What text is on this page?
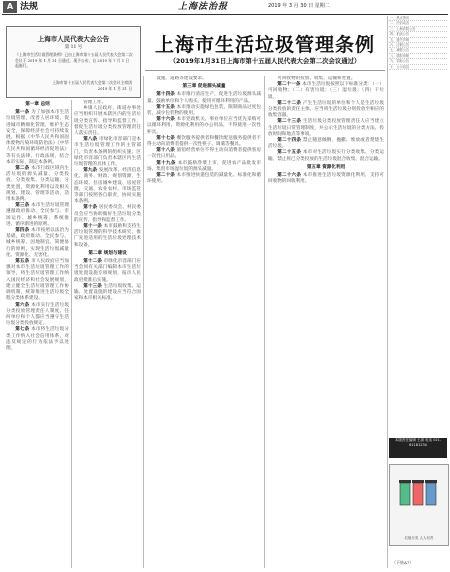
A 法规	上海法治报	2019 年 3 月 30 日 星期二
上海市人民代表大会公告
第 11 号
《上海市生活垃圾管理条例》已由上海市第十五届人民代表大会第二次会议于 2019 年 1 月 31 日通过，现予公布，自 2019 年 7 月 1 日起施行。
上海市第十五届人民代表大会第二次会议主席团
2019 年 1 月 31 日
上海市生活垃圾管理条例
（2019年1月31日上海市第十五届人民代表大会第二次会议通过）
第一章 总则
第一条 为了加强本市生活垃圾管理，改善人居环境，促进城市精细化管理，维护生态安全，保障经济社会可持续发展，根据《中华人民共和国固体废物污染环境防治法》《中华人民共和国循环经济促进法》等有关法律、行政法规，结合本市实际，制定本条例。
第二条 本市行政区域内生活垃圾的源头减量、分类投放、分类收集、分类运输、分类处置，资源化利用以及相关规划、建设、管理等活动，适用本条例。
第三条 本市生活垃圾管理遵循政府推动、全民参与、市场运作、城乡统筹、系统推进、循序渐进的原则。
第四条 本市按照以法治为基础，政府推动、全民参与、城乡统筹、因地制宜、简便易行的原则，实现生活垃圾减量化、资源化、无害化。
第五条 市人民政府应当加强对本市生活垃圾管理工作的领导，将生活垃圾管理工作纳入国民经济和社会发展规划，建立健全生活垃圾管理工作协调机制，统筹推进生活垃圾全程分类体系建设。
第六条 本市实行生活垃圾分类投放管理责任人制度。任何单位和个人都应当遵守生活垃圾分类投放规定。
第七条 本市将生活垃圾分类工作纳入社会信用体系，对违反规定的行为依法予以处理。
管理工作。
乡镇人民政府、街道办事处应当组织开展本辖区内的生活垃圾分类宣传、指导和监督工作，督促生活垃圾分类投放管理责任人落实责任。
第八条 市绿化市容部门是本市生活垃圾管理工作的主管部门，负责本条例的组织实施；区绿化市容部门负责本辖区内生活垃圾管理的具体工作。
第九条 发展改革、经济信息化、商务、财政、规划资源、生态环境、住房城乡建设、房屋管理、交通、农业农村、市场监管等部门按照各自职责，协同实施本条例。
第十条 居民委员会、村民委员会应当协助做好生活垃圾分类的宣传、指导和监督工作。
第十一条 本市鼓励和支持生活垃圾管理的科学技术研究，推广先进适用的生活垃圾处理技术和设备。
第二章 规划与建设
第十二条 市绿化市容部门应当会同有关部门编制本市生活垃圾处置设施专项规划，报市人民政府批准后实施。
第十三条 生活垃圾收集、运输、处置设施的建设应当符合国家和本市相关标准。
设施、道路等建设要求。
第三章 促进源头减量
第十四条 本市推行清洁生产，促进生活垃圾源头减量。鼓励单位和个人购买、使用可循环利用的产品。
第十五条 本市推动实施绿色包装，限制商品过度包装，减少包装物的使用。
第十六条 本市党政机关、事业单位应当优先采购可以循环利用、资源化利用的办公用品，不得使用一次性杯具。
第十七条 餐饮服务提供者和餐饮配送服务提供者不得主动向消费者提供一次性筷子、调羹等餐具。
第十八条 旅馆经营单位不得主动向消费者提供客房一次性日用品。
第十九条 本市鼓励净菜上市，促进农产品批发市场、集贸市场湿垃圾的源头减量。
第二十条 本市推进快递包装的减量化、标准化和循环使用。
可回收物的投放、收集、运输和处置。
第二十一条 本市生活垃圾按照以下标准分类：（一）可回收物；（二）有害垃圾；（三）湿垃圾；（四）干垃圾。
第二十二条 产生生活垃圾的单位和个人是生活垃圾分类投放的责任主体，应当将生活垃圾分别投放至相应的收集容器。
第二十三条 生活垃圾分类投放管理责任人应当建立生活垃圾日常管理制度，并公示生活垃圾的分类方法、投放时间和地点等事项。
第二十四条 禁止随意倾倒、抛撒、堆放或者焚烧生活垃圾。
第二十五条 本市对生活垃圾实行分类收集、分类运输。禁止将已分类投放的生活垃圾混合收集、混合运输。
第五章 资源化利用
第二十六条 本市推进生活垃圾资源化利用，支持可回收物的回收利用。
一、热点资讯
二、法治动态
三、上海法院公告
四、拍卖公告
五、遗失声明
六、注销公告
七、减资公告
八、债权申报
九、招标公告
十、公示信息
本版责任编辑 王淑 电话 021-61181234
垃圾分类 人人有责
（下转A7）
